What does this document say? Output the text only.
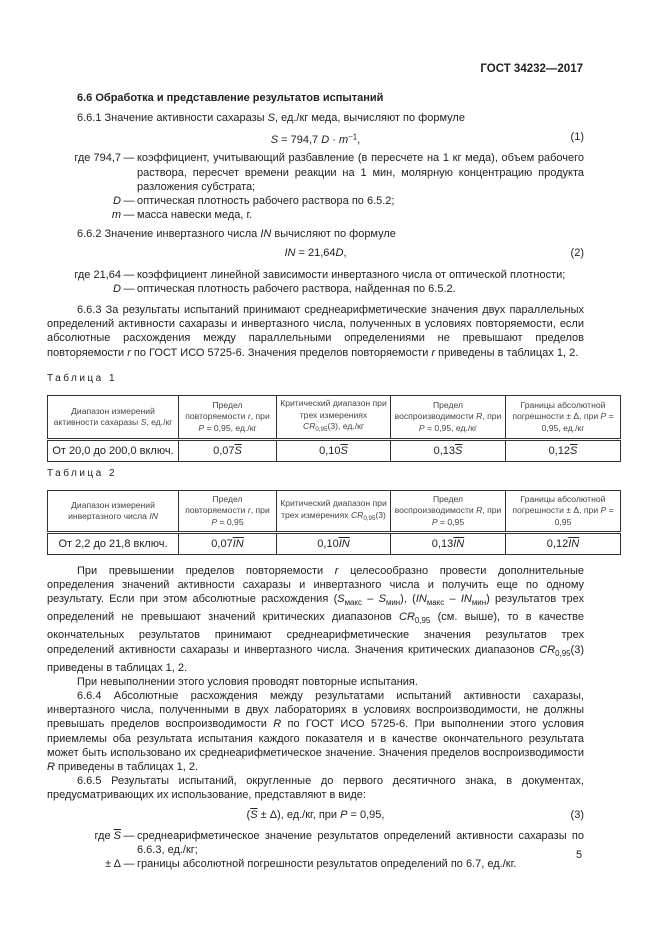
ГОСТ 34232—2017
6.6 Обработка и представление результатов испытаний

6.6.1 Значение активности сахаразы S, ед./кг меда, вычисляют по формуле

S = 794,7 $D \cdot m^{-1}$,	(1)
где 794,7 — коэффициент, учитывающий разбавление (в пересчете на 1 кг меда), объем рабочего раствора, пересчет времени реакции на 1 мин, молярную концентрацию продукта разложения субстрата;
D — оптическая плотность рабочего раствора по 6.5.2;
m — масса навески меда, г.

6.6.2 Значение инвертазного числа IN вычисляют по формуле

IN = 21,64D,	(2)
где 21,64 — коэффициент линейной зависимости инвертазного числа от оптической плотности;
D — оптическая плотность рабочего раствора, найденная по 6.5.2.

6.6.3 За результаты испытаний принимают среднеарифметические значения двух параллельных определений активности сахаразы и инвертазного числа, полученных в условиях повторяемости, если абсолютные расхождения между параллельными определениями не превышают пределов повторяемости r по ГОСТ ИСО 5725-6. Значения пределов повторяемости r приведены в таблицах 1, 2.

Таблица 1
Диапазон измерений активности сахаразы S, ед./кг	Предел повторяемости r, при P = 0,95, ед./кг	Критический диапазон при трех измерениях $CR_{0,95}(3)$, ед./кг	Предел воспроизводимости R, при P = 0,95, ед./кг	Границы абсолютной погрешности ± Δ, при P = 0,95, ед./кг
От 20,0 до 200,0 включ.	$0,07\overline{S}$	$0,10\overline{S}$	$0,13\overline{S}$	$0,12\overline{S}$
Таблица 2
Диапазон измерений инвертазного числа IN	Предел повторяемости r, при P = 0,95	Критический диапазон при трех измерениях $CR_{0,95}(3)$	Предел воспроизводимости R, при P = 0,95	Границы абсолютной погрешности ± Δ, при P = 0,95
От 2,2 до 21,8 включ.	$0,07\overline{IN}$	$0,10\overline{IN}$	$0,13\overline{IN}$	$0,12\overline{IN}$

При превышении пределов повторяемости r целесообразно провести дополнительные определения значений активности сахаразы и инвертазного числа и получить еще по одному результату. Если при этом абсолютные расхождения $(S_{макс} - S_{мин})$, $(IN_{макс} - IN_{мин})$ результатов трех определений не превышают значений критических диапазонов $CR_{0,95}$ (см. выше), то в качестве окончательных результатов принимают среднеарифметические значения результатов трех определений активности сахаразы и инвертазного числа. Значения критических диапазонов $CR_{0,95}(3)$ приведены в таблицах 1, 2.

При невыполнении этого условия проводят повторные испытания.

6.6.4 Абсолютные расхождения между результатами испытаний активности сахаразы, инвертазного числа, полученными в двух лабораториях в условиях воспроизводимости, не должны превышать пределов воспроизводимости R по ГОСТ ИСО 5725-6. При выполнении этого условия приемлемы оба результата испытания каждого показателя и в качестве окончательного результата может быть использовано их среднеарифметическое значение. Значения пределов воспроизводимости R приведены в таблицах 1, 2.

6.6.5 Результаты испытаний, округленные до первого десятичного знака, в документах, предусматривающих их использование, представляют в виде:

$(\overline{S} \pm \Delta)$, ед./кг, при P = 0,95,	(3)
где $\overline{S}$ — среднеарифметическое значение результатов определений активности сахаразы по 6.6.3, ед./кг;
± Δ — границы абсолютной погрешности результатов определений по 6.7, ед./кг.
5
